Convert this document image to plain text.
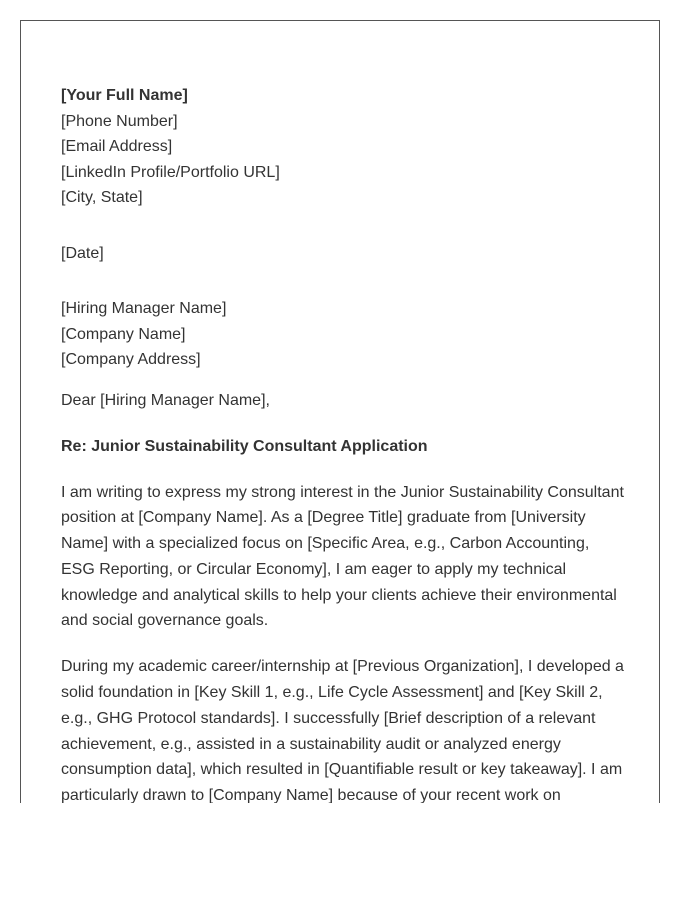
[Your Full Name]
[Phone Number]
[Email Address]
[LinkedIn Profile/Portfolio URL]
[City, State]
[Date]
[Hiring Manager Name]
[Company Name]
[Company Address]
Dear [Hiring Manager Name],
Re: Junior Sustainability Consultant Application

I am writing to express my strong interest in the Junior Sustainability Consultant position at [Company Name]. As a [Degree Title] graduate from [University Name] with a specialized focus on [Specific Area, e.g., Carbon Accounting, ESG Reporting, or Circular Economy], I am eager to apply my technical knowledge and analytical skills to help your clients achieve their environmental and social governance goals.

During my academic career/internship at [Previous Organization], I developed a solid foundation in [Key Skill 1, e.g., Life Cycle Assessment] and [Key Skill 2, e.g., GHG Protocol standards]. I successfully [Brief description of a relevant achievement, e.g., assisted in a sustainability audit or analyzed energy consumption data], which resulted in [Quantifiable result or key takeaway]. I am particularly drawn to [Company Name] because of your recent work on
